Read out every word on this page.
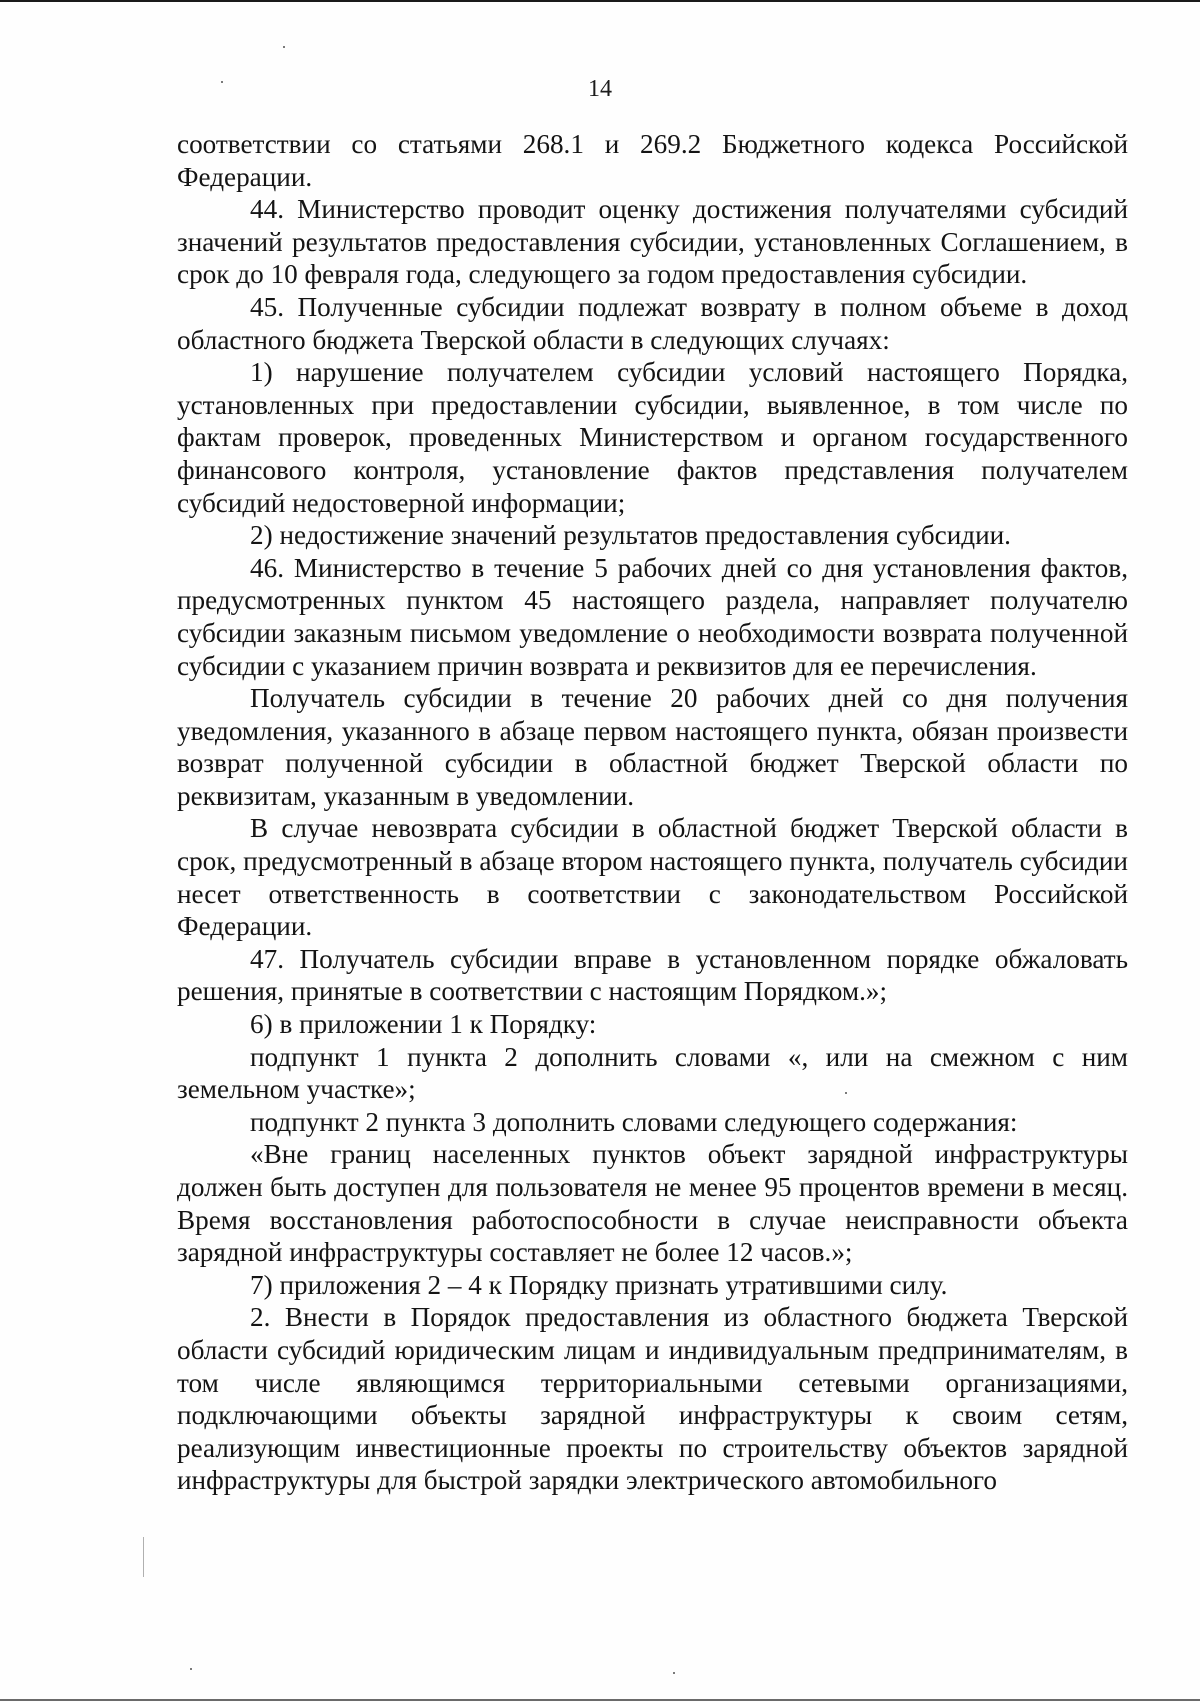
14

соответствии со статьями 268.1 и 269.2 Бюджетного кодекса Российской Федерации.

44. Министерство проводит оценку достижения получателями субсидий значений результатов предоставления субсидии, установленных Соглашением, в срок до 10 февраля года, следующего за годом предоставления субсидии.

45. Полученные субсидии подлежат возврату в полном объеме в доход областного бюджета Тверской области в следующих случаях:

1) нарушение получателем субсидии условий настоящего Порядка, установленных при предоставлении субсидии, выявленное, в том числе по фактам проверок, проведенных Министерством и органом государственного финансового контроля, установление фактов представления получателем субсидий недостоверной информации;

2) недостижение значений результатов предоставления субсидии.

46. Министерство в течение 5 рабочих дней со дня установления фактов, предусмотренных пунктом 45 настоящего раздела, направляет получателю субсидии заказным письмом уведомление о необходимости возврата полученной субсидии с указанием причин возврата и реквизитов для ее перечисления.

Получатель субсидии в течение 20 рабочих дней со дня получения уведомления, указанного в абзаце первом настоящего пункта, обязан произвести возврат полученной субсидии в областной бюджет Тверской области по реквизитам, указанным в уведомлении.

В случае невозврата субсидии в областной бюджет Тверской области в срок, предусмотренный в абзаце втором настоящего пункта, получатель субсидии несет ответственность в соответствии с законодательством Российской Федерации.

47. Получатель субсидии вправе в установленном порядке обжаловать решения, принятые в соответствии с настоящим Порядком.»;

6) в приложении 1 к Порядку:

подпункт 1 пункта 2 дополнить словами «, или на смежном с ним земельном участке»;

подпункт 2 пункта 3 дополнить словами следующего содержания:

«Вне границ населенных пунктов объект зарядной инфраструктуры должен быть доступен для пользователя не менее 95 процентов времени в месяц. Время восстановления работоспособности в случае неисправности объекта зарядной инфраструктуры составляет не более 12 часов.»;

7) приложения 2 – 4 к Порядку признать утратившими силу.

2. Внести в Порядок предоставления из областного бюджета Тверской области субсидий юридическим лицам и индивидуальным предпринимателям, в том числе являющимся территориальными сетевыми организациями, подключающими объекты зарядной инфраструктуры к своим сетям, реализующим инвестиционные проекты по строительству объектов зарядной инфраструктуры для быстрой зарядки электрического автомобильного
